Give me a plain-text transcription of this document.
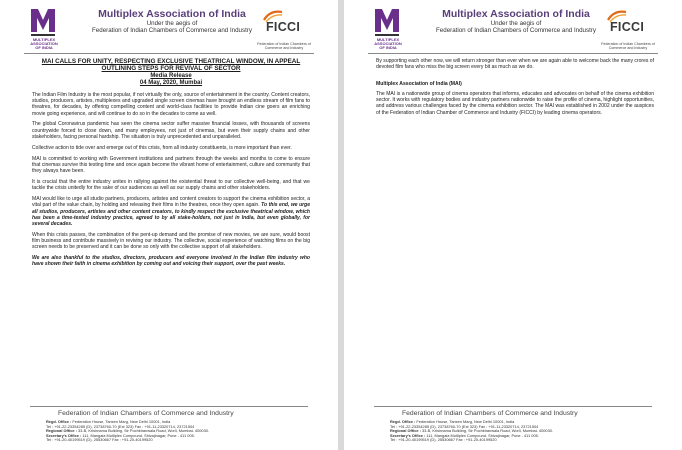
MULTIPLEX ASSOCIATION OF INDIA
Multiplex Association of India
Under the aegis of
Federation of Indian Chambers of Commerce and Industry FICCI
Federation of Indian Chambers of Commerce and Industry

MAI CALLS FOR UNITY, RESPECTING EXCLUSIVE THEATRICAL WINDOW, IN APPEAL OUTLINING STEPS FOR REVIVAL OF SECTOR

Media Release
04 May, 2020, Mumbai

The Indian Film Industry is the most popular, if not virtually the only, source of entertainment in the country. Content creators, studios, producers, artistes, multiplexes and upgraded single screen cinemas have brought an endless stream of film fans to theatres, for decades, by offering compelling content and world-class facilities to provide Indian cine goers an enriching movie going experience, and will continue to do so in the decades to come as well.

The global Coronavirus pandemic has seen the cinema sector suffer massive financial losses, with thousands of screens countrywide forced to close down, and many employees, not just of cinemas, but even their supply chains and other stakeholders, facing personal hardship. The situation is truly unprecedented and unparalleled.

Collective action to tide over and emerge out of this crisis, from all industry constituents, is more important than ever.

MAI is committed to working with Government institutions and partners through the weeks and months to come to ensure that cinemas survive this testing time and once again become the vibrant home of entertainment, culture and community that they always have been.

It is crucial that the entire industry unites in rallying against the existential threat to our collective well-being, and that we tackle the crisis unitedly for the sake of our audiences as well as our supply chains and other stakeholders.

MAI would like to urge all studio partners, producers, artistes and content creators to support the cinema exhibition sector, a vital part of the value chain, by holding and releasing their films in the theatres, once they open again. To this end, we urge all studios, producers, artistes and other content creators, to kindly respect the exclusive theatrical window, which has been a time-tested industry practice, agreed to by all stake-holders, not just in India, but even globally, for several decades.

When this crisis passes, the combination of the pent-up demand and the promise of new movies, we are sure, would boost film business and contribute massively in reviving our industry. The collective, social experience of watching films on the big screen needs to be preserved and it can be done so only with the collective support of all stakeholders.

We are also thankful to the studios, directors, producers and everyone involved in the Indian film industry who have shown their faith in cinema exhibition by coming out and voicing their support, over the past weeks.

Federation of Indian Chambers of Commerce and Industry
Regd. Office : Federation House, Tansen Marg, New Delhi 10001, India
Tel : +91-22-23354285 (D), 23738760-70 (Ext 323) Fax : +91-11-23320714, 23721504
Regional Office : 33-B, Krishnama Building, Sir Pochkhanwala Road, Worli, Mumbai- 400030.
Secretary's Office : 111, Mangala Multiplex Compound, Shivajinagar, Pune - 411 005.
Tel : +91-20-40199519 (D), 25530667 Fax : +91-20-40199520
MULTIPLEX ASSOCIATION OF INDIA
Multiplex Association of India
Under the aegis of
Federation of Indian Chambers of Commerce and Industry FICCI
Federation of Indian Chambers of Commerce and Industry

By supporting each other now, we will return stronger than ever when we are again able to welcome back the many crores of devoted film fans who miss the big screen every bit as much as we do.

Multiplex Association of India (MAI)

The MAI is a nationwide group of cinema operators that informs, educates and advocates on behalf of the cinema exhibition sector. It works with regulatory bodies and industry partners nationwide to raise the profile of cinema, highlight opportunities, and address various challenges faced by the cinema exhibition sector. The MAI was established in 2002 under the auspices of the Federation of Indian Chamber of Commerce and Industry (FICCI) by leading cinema operators.

Federation of Indian Chambers of Commerce and Industry
Regd. Office : Federation House, Tansen Marg, New Delhi 10001, India
Tel : +91-22-23354285 (D), 23738760-70 (Ext 323) Fax : +91-11-23320714, 23721504
Regional Office : 33-B, Krishnama Building, Sir Pochkhanwala Road, Worli, Mumbai- 400030.
Secretary's Office : 111, Mangala Multiplex Compound, Shivajinagar, Pune - 411 005.
Tel : +91-20-40199519 (D), 25530667 Fax : +91-20-40199520
